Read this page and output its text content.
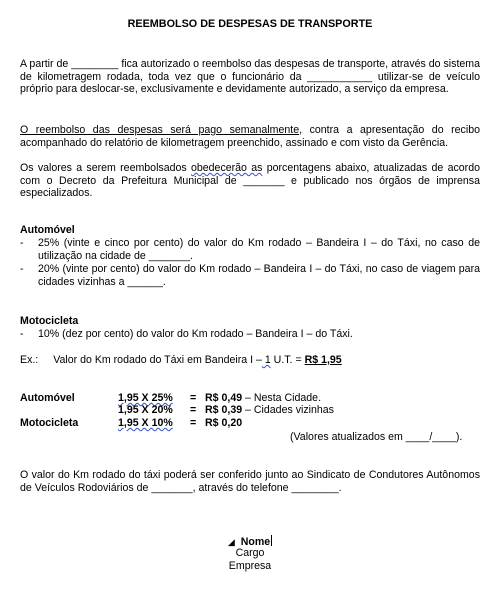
REEMBOLSO DE DESPESAS DE TRANSPORTE
A partir de ________ fica autorizado o reembolso das despesas de transporte, através do sistema de kilometragem rodada, toda vez que o funcionário da ___________ utilizar-se de veículo próprio para deslocar-se, exclusivamente e devidamente autorizado, a serviço da empresa.
O reembolso das despesas será pago semanalmente, contra a apresentação do recibo acompanhado do relatório de kilometragem preenchido, assinado e com visto da Gerência.
Os valores a serem reembolsados obedecerão as porcentagens abaixo, atualizadas de acordo com o Decreto da Prefeitura Municipal de _______ e publicado nos órgãos de imprensa especializados.
Automóvel
- 25% (vinte e cinco por cento) do valor do Km rodado – Bandeira I – do Táxi, no caso de utilização na cidade de _______.
- 20% (vinte por cento) do valor do Km rodado – Bandeira I – do Táxi, no caso de viagem para cidades vizinhas a ______.
Motocicleta
- 10% (dez por cento) do valor do Km rodado – Bandeira I – do Táxi.
Ex.: Valor do Km rodado do Táxi em Bandeira I – 1 U.T. = R$ 1,95
Automóvel	1,95 X 25% = R$ 0,49 – Nesta Cidade.
1,95 X 20% = R$ 0,39 – Cidades vizinhas
Motocicleta	1,95 X 10% = R$ 0,20
(Valores atualizados em ____/____).
O valor do Km rodado do táxi poderá ser conferido junto ao Sindicato de Condutores Autônomos de Veículos Rodoviários de _______, através do telefone ________.
◢ Nome
Cargo
Empresa
